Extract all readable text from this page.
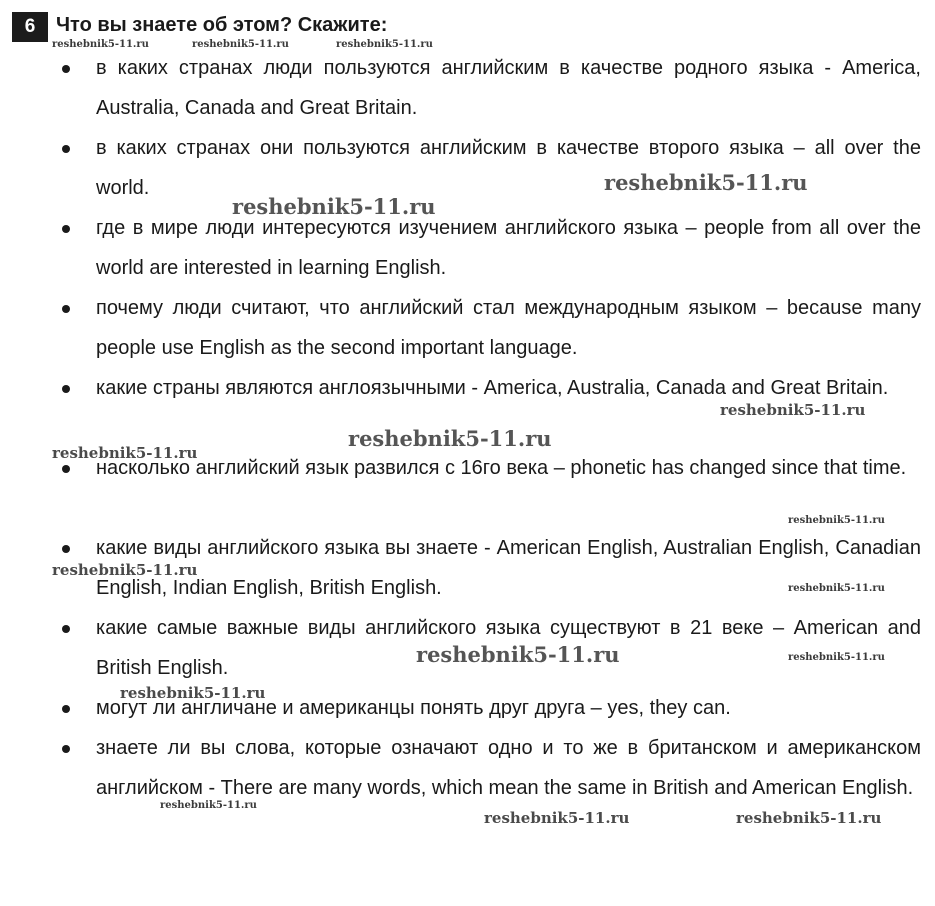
6	Что вы знаете об этом? Скажите:
в каких странах люди пользуются английским в качестве родного языка - America, Australia, Canada and Great Britain.
в каких странах они пользуются английским в качестве второго языка – all over the world.
где в мире люди интересуются изучением английского языка – people from all over the world are interested in learning English.
почему люди считают, что английский стал международным языком – because many people use English as the second important language.
какие страны являются англоязычными - America, Australia, Canada and Great Britain.
насколько английский язык развился с 16го века – phonetic has changed since that time.
какие виды английского языка вы знаете - American English, Australian English, Canadian English, Indian English, British English.
какие самые важные виды английского языка существуют в 21 веке – American and British English.
могут ли англичане и американцы понять друг друга – yes, they can.
знаете ли вы слова, которые означают одно и то же в британском и американском английском - There are many words, which mean the same in British and American English.
reshebnik5-11.ru	reshebnik5-11.ru	reshebnik5-11.ru
reshebnik5-11.ru
reshebnik5-11.ru
reshebnik5-11.ru
reshebnik5-11.ru
reshebnik5-11.ru
reshebnik5-11.ru
reshebnik5-11.ru
reshebnik5-11.ru
reshebnik5-11.ru	reshebnik5-11.ru
reshebnik5-11.ru
reshebnik5-11.ru
reshebnik5-11.ru	reshebnik5-11.ru
